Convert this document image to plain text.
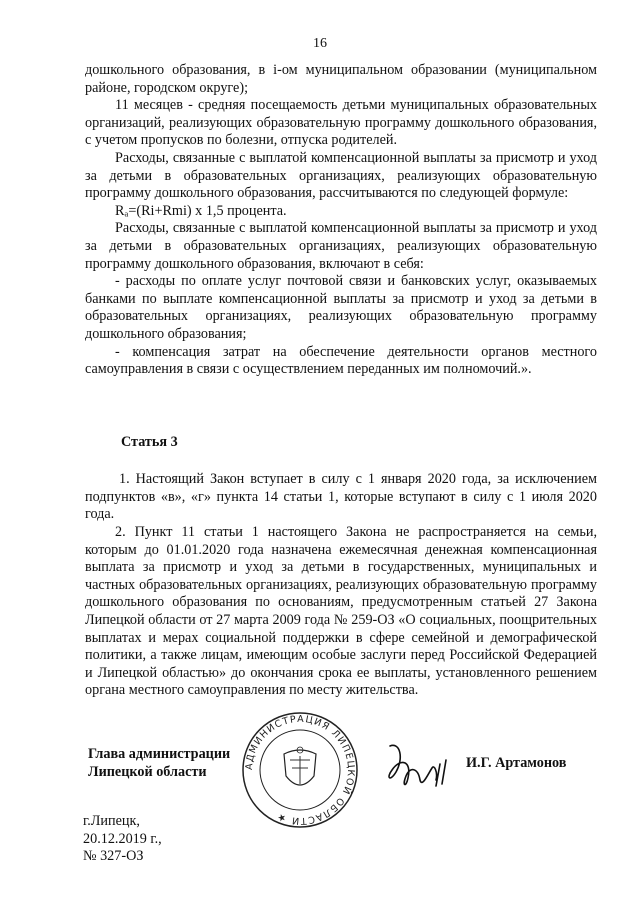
16

дошкольного образования, в i-ом муниципальном образовании (муниципальном районе, городском округе);

11 месяцев - средняя посещаемость детьми муниципальных образовательных организаций, реализующих образовательную программу дошкольного образования, с учетом пропусков по болезни, отпуска родителей.

Расходы, связанные с выплатой компенсационной выплаты за присмотр и уход за детьми в образовательных организациях, реализующих образовательную программу дошкольного образования, рассчитываются по следующей формуле:

Rₐ=(Ri+Rmi) x 1,5 процента.

Расходы, связанные с выплатой компенсационной выплаты за присмотр и уход за детьми в образовательных организациях, реализующих образовательную программу дошкольного образования, включают в себя:

- расходы по оплате услуг почтовой связи и банковских услуг, оказываемых банками по выплате компенсационной выплаты за присмотр и уход за детьми в образовательных организациях, реализующих образовательную программу дошкольного образования;

- компенсация затрат на обеспечение деятельности органов местного самоуправления в связи с осуществлением переданных им полномочий.».

Статья 3

1. Настоящий Закон вступает в силу с 1 января 2020 года, за исключением подпунктов «в», «г» пункта 14 статьи 1, которые вступают в силу с 1 июля 2020 года.

2. Пункт 11 статьи 1 настоящего Закона не распространяется на семьи, которым до 01.01.2020 года назначена ежемесячная денежная компенсационная выплата за присмотр и уход за детьми в государственных, муниципальных и частных образовательных организациях, реализующих образовательную программу дошкольного образования по основаниям, предусмотренным статьей 27 Закона Липецкой области от 27 марта 2009 года № 259-ОЗ «О социальных, поощрительных выплатах и мерах социальной поддержки в сфере семейной и демографической политики, а также лицам, имеющим особые заслуги перед Российской Федерацией и Липецкой областью» до окончания срока ее выплаты, установленного решением органа местного самоуправления по месту жительства.

АДМИНИСТРАЦИЯ ЛИПЕЦКОЙ ОБЛАСТИ ★
Глава администрации
Липецкой области
И.Г. Артамонов
г.Липецк,
20.12.2019 г.,
№ 327-ОЗ
